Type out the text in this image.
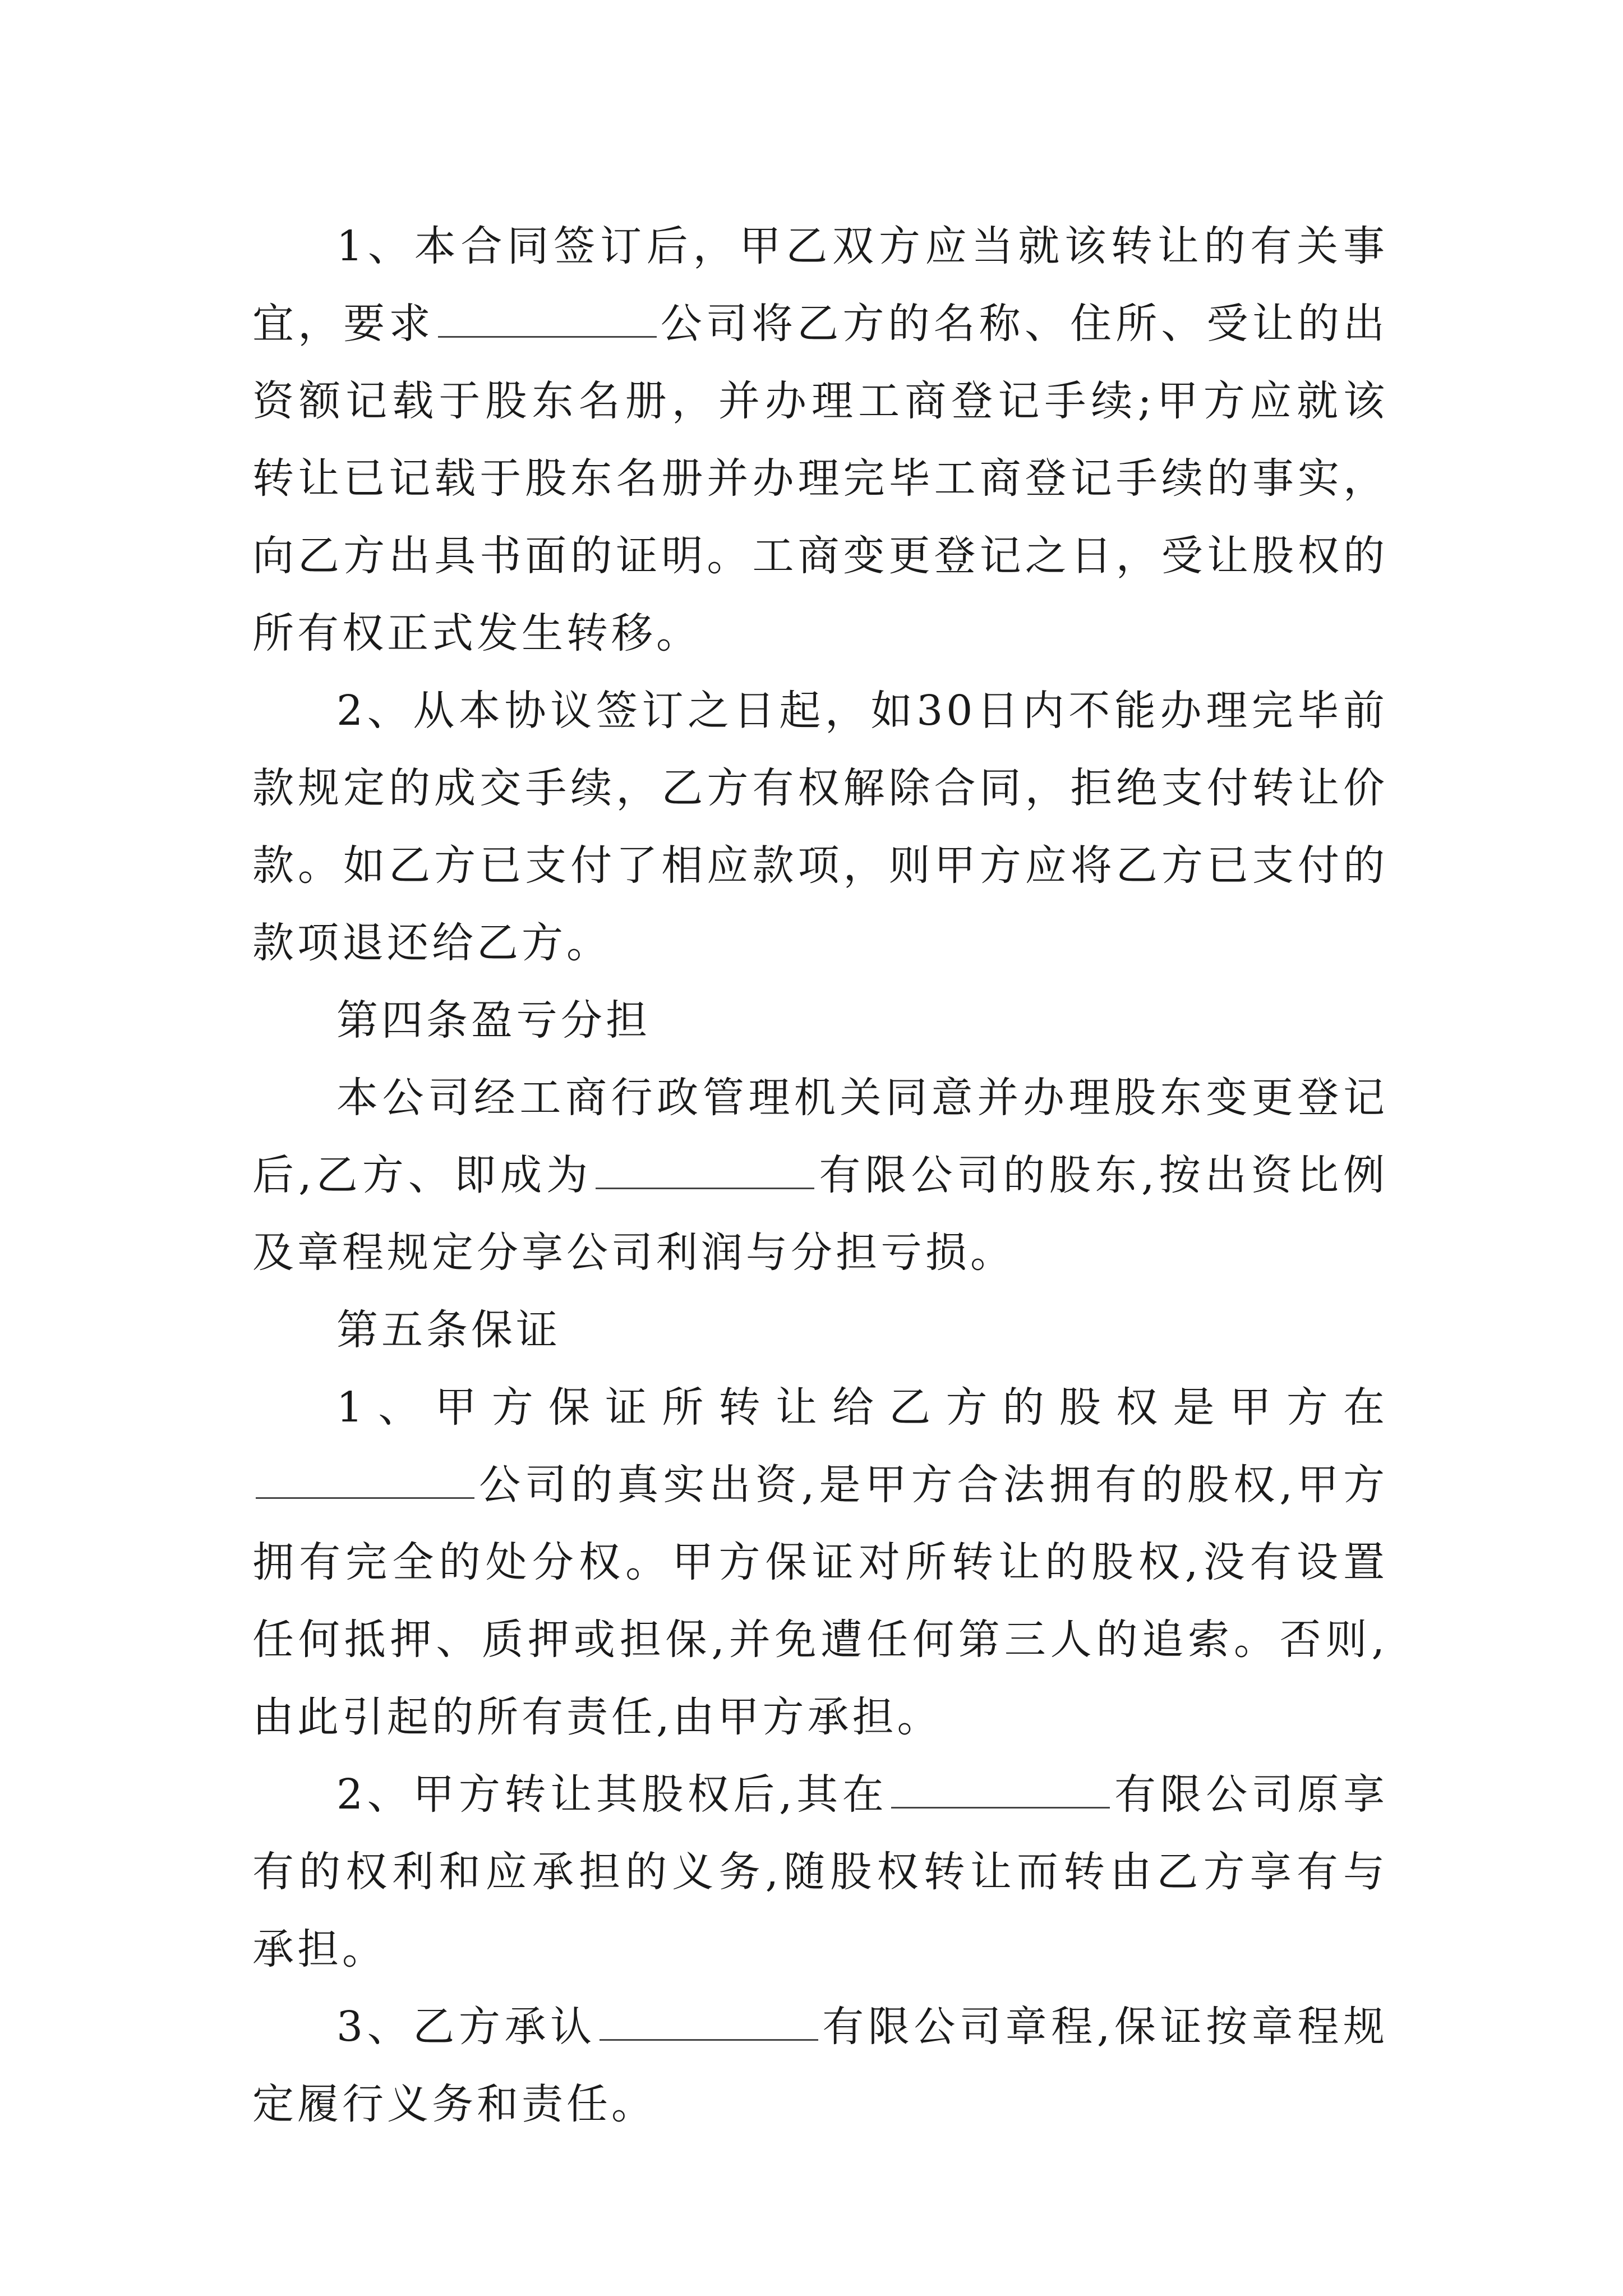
1、本合同签订后，甲乙双方应当就该转让的有关事宜，要求	公司将乙方的名称、住所、受让的出资额记载于股东名册，并办理工商登记手续;甲方应就该转让已记载于股东名册并办理完毕工商登记手续的事实，向乙方出具书面的证明。工商变更登记之日，受让股权的所有权正式发生转移。

2、从本协议签订之日起，如30日内不能办理完毕前款规定的成交手续，乙方有权解除合同，拒绝支付转让价款。如乙方已支付了相应款项，则甲方应将乙方已支付的款项退还给乙方。

第四条盈亏分担

本公司经工商行政管理机关同意并办理股东变更登记后,乙方、即成为	有限公司的股东,按出资比例及章程规定分享公司利润与分担亏损。

第五条保证

1、甲方保证所转让给乙方的股权是甲方在公司的真实出资,是甲方合法拥有的股权,甲方拥有完全的处分权。甲方保证对所转让的股权,没有设置任何抵押、质押或担保,并免遭任何第三人的追索。否则,由此引起的所有责任,由甲方承担。

2、甲方转让其股权后,其在	有限公司原享有的权利和应承担的义务,随股权转让而转由乙方享有与承担。

3、乙方承认	有限公司章程,保证按章程规定履行义务和责任。
